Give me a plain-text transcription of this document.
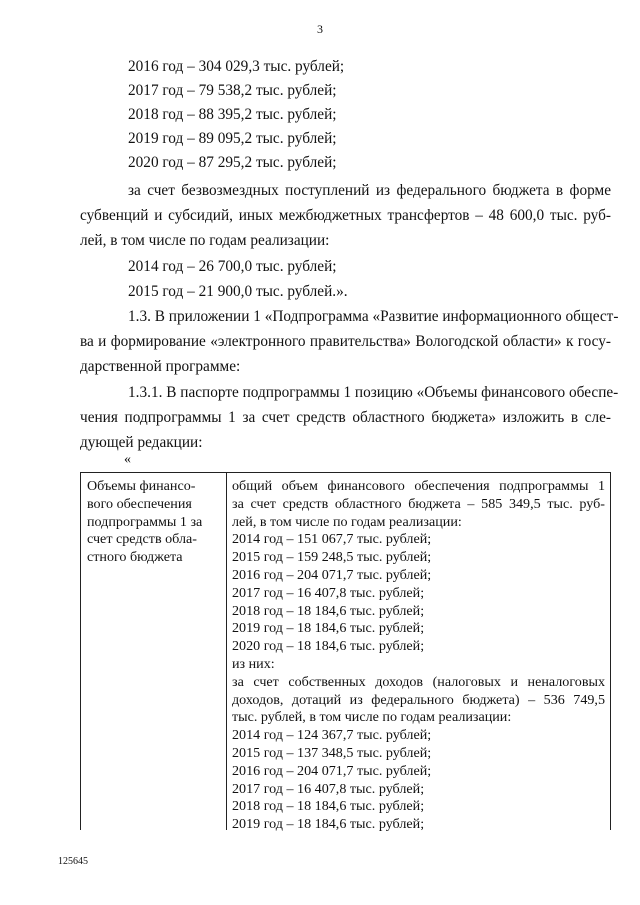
3
2016 год – 304 029,3 тыс. рублей;
2017 год – 79 538,2 тыс. рублей;
2018 год – 88 395,2 тыс. рублей;
2019 год – 89 095,2 тыс. рублей;
2020 год – 87 295,2 тыс. рублей;
за счет безвозмездных поступлений из федерального бюджета в форме
субвенций и субсидий, иных межбюджетных трансфертов – 48 600,0 тыс. руб-
лей, в том числе по годам реализации:
2014 год – 26 700,0 тыс. рублей;
2015 год – 21 900,0 тыс. рублей.».
1.3. В приложении 1 «Подпрограмма «Развитие информационного общест-
ва и формирование «электронного правительства» Вологодской области» к госу-
дарственной программе:
1.3.1. В паспорте подпрограммы 1 позицию «Объемы финансового обеспе-
чения подпрограммы 1 за счет средств областного бюджета» изложить в сле-
дующей редакции:
«
Объемы финансо-
вого обеспечения
подпрограммы 1 за
счет средств обла-
стного бюджета
общий объем финансового обеспечения подпрограммы 1
за счет средств областного бюджета – 585 349,5 тыс. руб-
лей, в том числе по годам реализации:
2014 год – 151 067,7 тыс. рублей;
2015 год – 159 248,5 тыс. рублей;
2016 год – 204 071,7 тыс. рублей;
2017 год – 16 407,8 тыс. рублей;
2018 год – 18 184,6 тыс. рублей;
2019 год – 18 184,6 тыс. рублей;
2020 год – 18 184,6 тыс. рублей;
из них:
за счет собственных доходов (налоговых и неналоговых
доходов, дотаций из федерального бюджета) – 536 749,5
тыс. рублей, в том числе по годам реализации:
2014 год – 124 367,7 тыс. рублей;
2015 год – 137 348,5 тыс. рублей;
2016 год – 204 071,7 тыс. рублей;
2017 год – 16 407,8 тыс. рублей;
2018 год – 18 184,6 тыс. рублей;
2019 год – 18 184,6 тыс. рублей;
125645
